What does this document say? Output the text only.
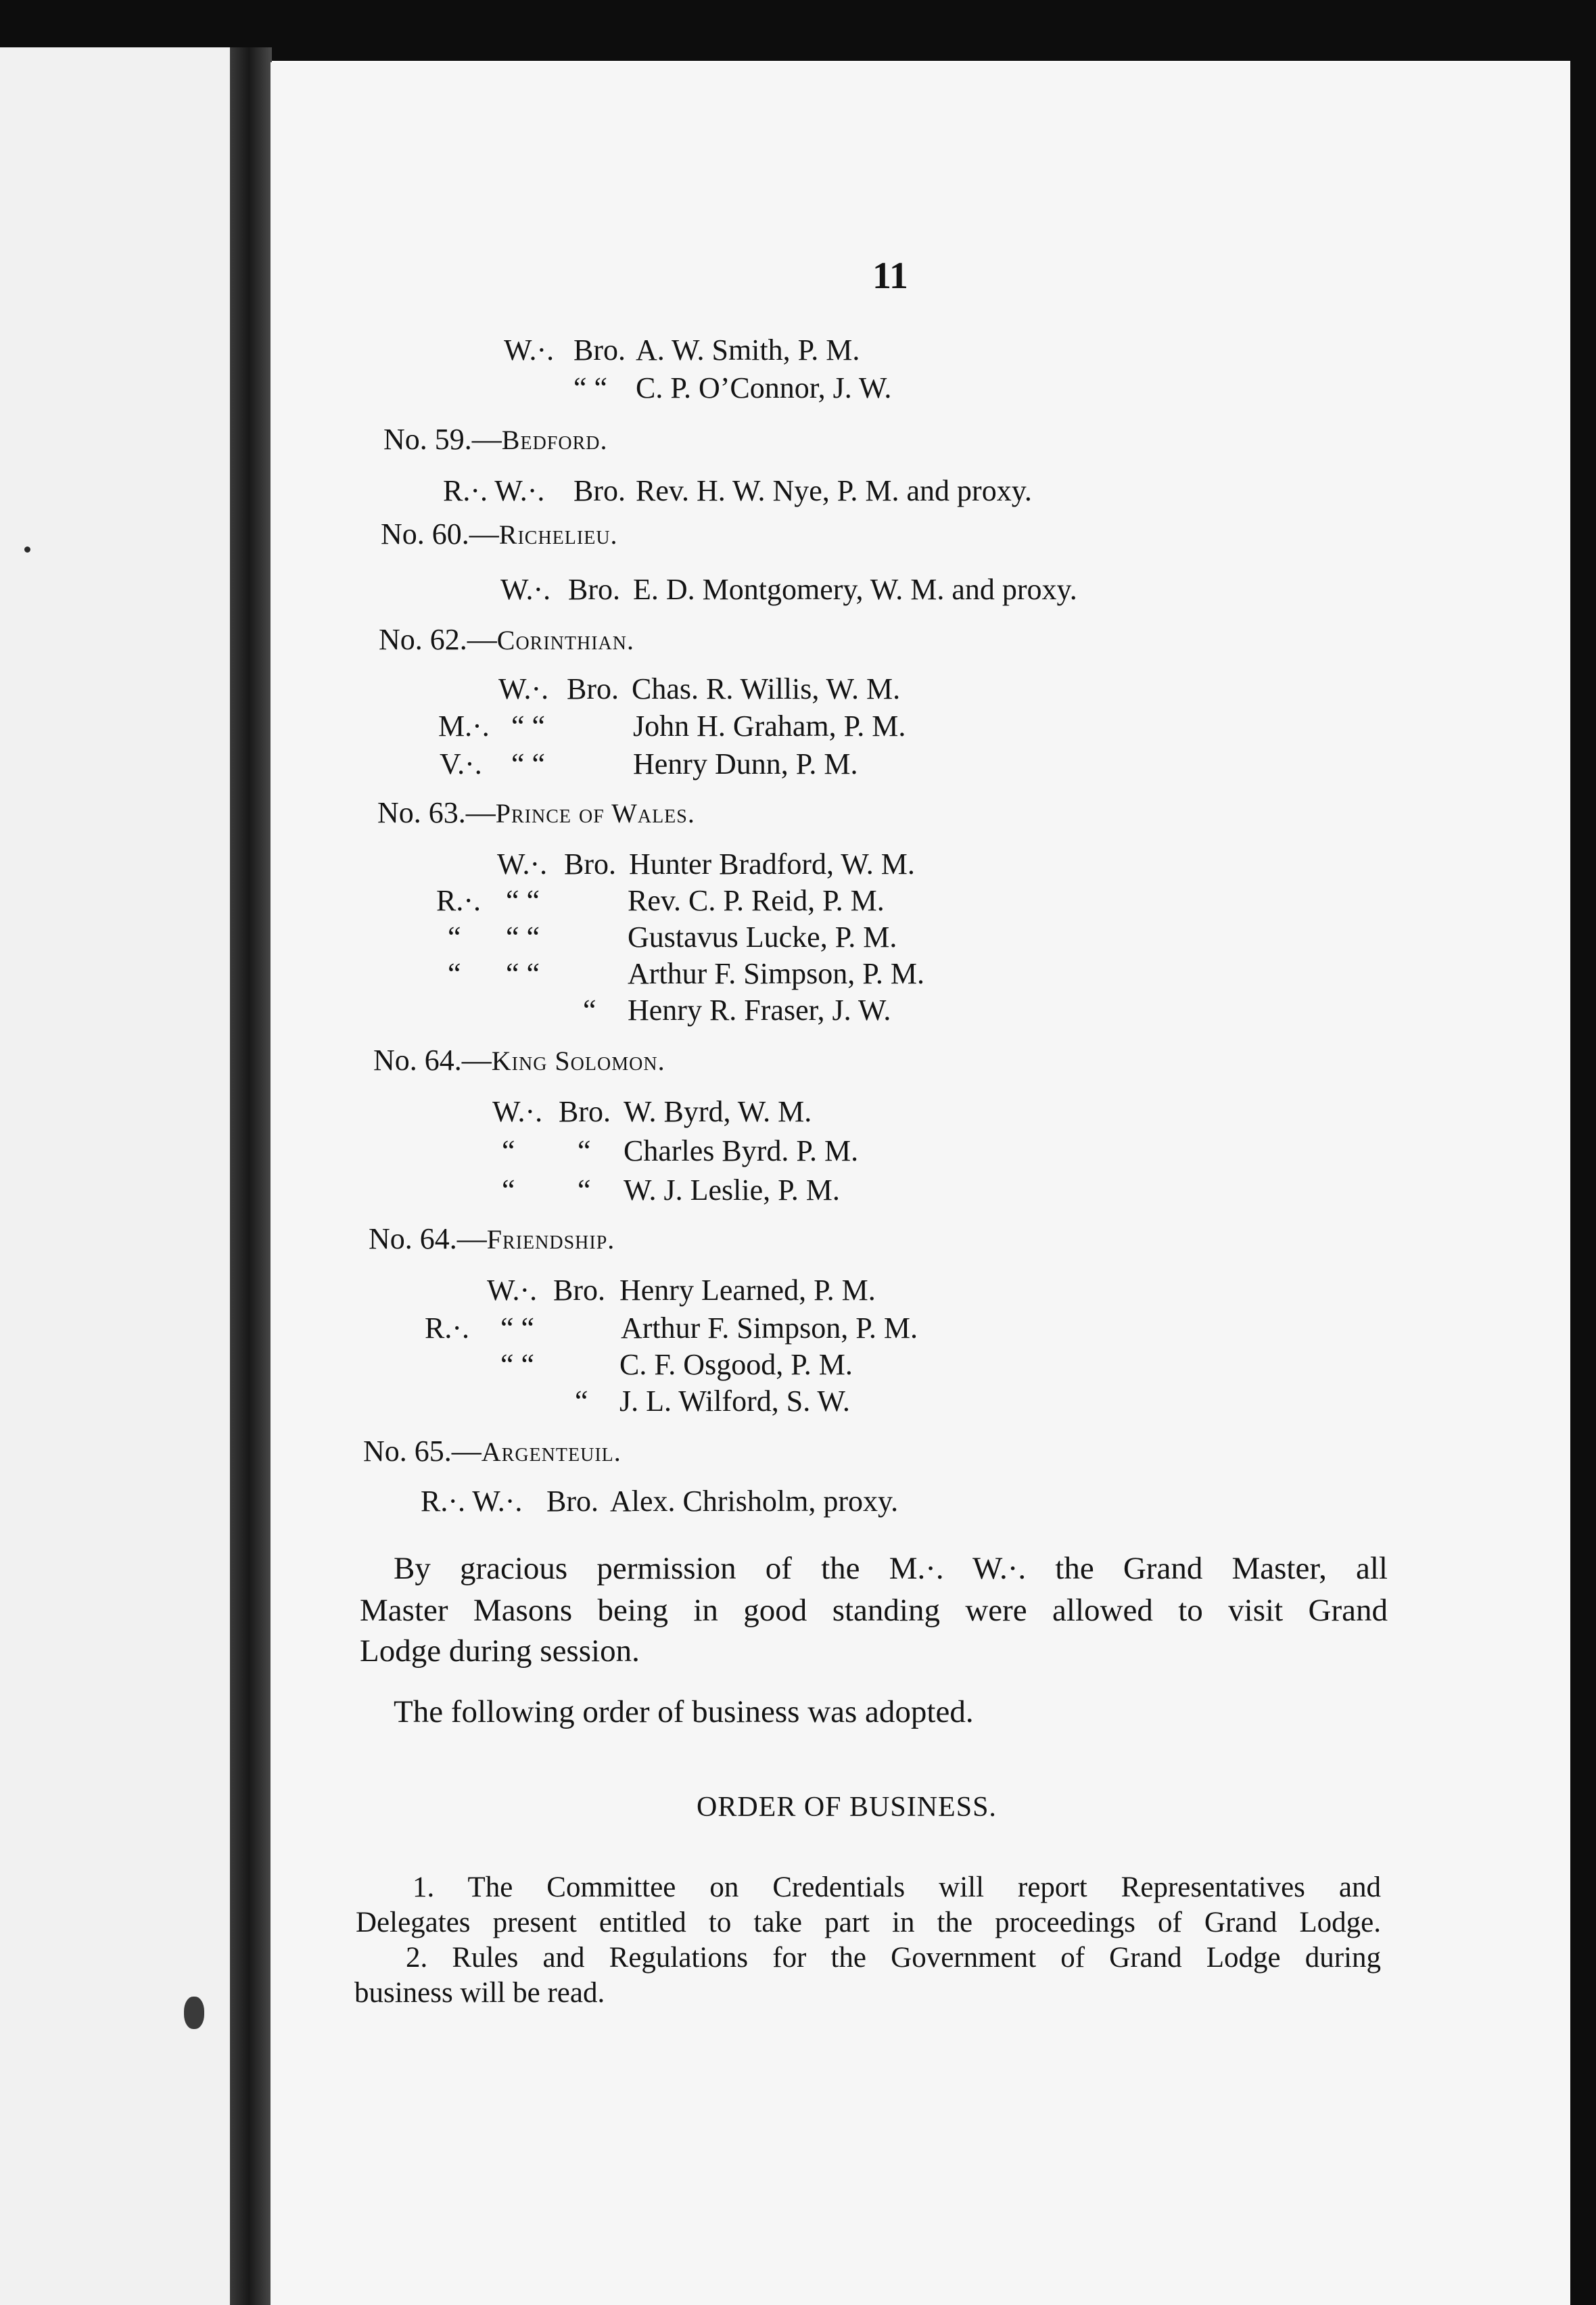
11
W.·. Bro. A. W. Smith, P. M.
“ “ C. P. O’Connor, J. W.
No. 59.—Bedford.
R.·. W.·. Bro. Rev. H. W. Nye, P. M. and proxy.
No. 60.—Richelieu.
W.·. Bro. E. D. Montgomery, W. M. and proxy.
No. 62.—Corinthian.
W.·. Bro. Chas. R. Willis, W. M.
M.·. “ “	John H. Graham, P. M.
V.·. “ “	Henry Dunn, P. M.
No. 63.—Prince of Wales.
W.·. Bro. Hunter Bradford, W. M.
R.·. “ “	Rev. C. P. Reid, P. M.
“ “ “	Gustavus Lucke, P. M.
“ “ “	Arthur F. Simpson, P. M.
“ Henry R. Fraser, J. W.
No. 64.—King Solomon.
W.·. Bro. W. Byrd, W. M.
“ “ Charles Byrd. P. M.
“ “ W. J. Leslie, P. M.
No. 64.—Friendship.
W.·. Bro. Henry Learned, P. M.
R.·. “ “	Arthur F. Simpson, P. M.
“ “	C. F. Osgood, P. M.
“ J. L. Wilford, S. W.
No. 65.—Argenteuil.
R.·. W.·. Bro. Alex. Chrisholm, proxy.
By gracious permission of the M.·. W.·. the Grand Master, all
Master Masons being in good standing were allowed to visit Grand
Lodge during session.
The following order of business was adopted.
ORDER OF BUSINESS.
1. The Committee on Credentials will report Representatives and
Delegates present entitled to take part in the proceedings of Grand Lodge.
2. Rules and Regulations for the Government of Grand Lodge during
business will be read.
